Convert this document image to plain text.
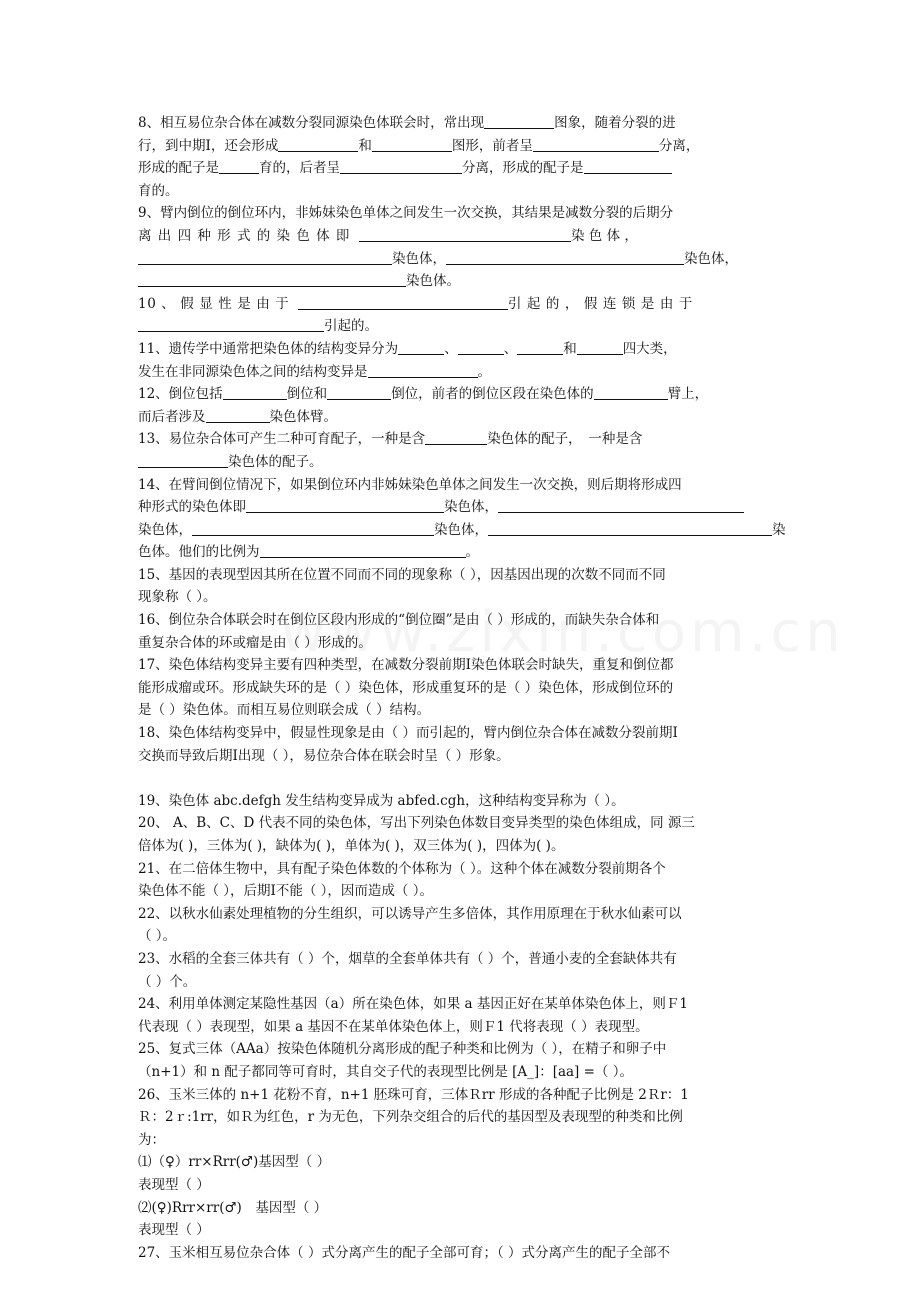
8、相互易位杂合体在减数分裂同源染色体联会时，常出现	图象，随着分裂的进
行，到中期Ⅰ，还会形成	和	图形，前者呈	分离，
形成的配子是	育的，后者呈	分离，形成的配子是
育的。
9、臂内倒位的倒位环内，非姊妹染色单体之间发生一次交换，其结果是减数分裂的后期分
离 出 四 种 形 式 的 染 色 体 即	染 色 体 ，
染色体，	染色体，
染色体。
10 、 假 显 性 是 由 于	引 起 的 ， 假 连 锁 是 由 于
引起的。
11、遗传学中通常把染色体的结构变异分为	、	、	和	四大类，
发生在非同源染色体之间的结构变异是	。
12、倒位包括	倒位和	倒位，前者的倒位区段在染色体的	臂上，
而后者涉及	染色体臂。
13、易位杂合体可产生二种可育配子，一种是含	染色体的配子，　一种是含
染色体的配子。
14、在臂间倒位情况下，如果倒位环内非姊妹染色单体之间发生一次交换，则后期将形成四
种形式的染色体即	染色体，
染色体，	染色体，	染
色体。他们的比例为	。
15、基因的表现型因其所在位置不同而不同的现象称（ ），因基因出现的次数不同而不同
现象称（ ）。
16、倒位杂合体联会时在倒位区段内形成的“倒位圈”是由（ ）形成的，而缺失杂合体和
重复杂合体的环或瘤是由（ ）形成的。
17、染色体结构变异主要有四种类型，在减数分裂前期Ⅰ染色体联会时缺失，重复和倒位都
能形成瘤或环。形成缺失环的是（ ）染色体，形成重复环的是（ ）染色体，形成倒位环的
是（ ）染色体。而相互易位则联会成（ ）结构。
18、染色体结构变异中，假显性现象是由（ ）而引起的，臂内倒位杂合体在减数分裂前期Ⅰ
交换而导致后期Ⅰ出现（ ），易位杂合体在联会时呈（ ）形象。
19、染色体 abc.defgh 发生结构变异成为 abfed.cgh，这种结构变异称为（ ）。
20、 A、B、C、D 代表不同的染色体，写出下列染色体数目变异类型的染色体组成，同 源三
倍体为( )，三体为( )，缺体为( )，单体为( )，双三体为( )，四体为( )。
21、在二倍体生物中，具有配子染色体数的个体称为（ ）。这种个体在减数分裂前期各个
染色体不能（ ），后期Ⅰ不能（ ），因而造成（ ）。
22、以秋水仙素处理植物的分生组织，可以诱导产生多倍体，其作用原理在于秋水仙素可以
（ ）。
23、水稻的全套三体共有（ ）个，烟草的全套单体共有（ ）个，普通小麦的全套缺体共有
（ ）个。
24、利用单体测定某隐性基因（a）所在染色体，如果 a 基因正好在某单体染色体上，则Ｆ1
代表现（ ）表现型，如果 a 基因不在某单体染色体上，则Ｆ1 代将表现（ ）表现型。
25、复式三体（AAa）按染色体随机分离形成的配子种类和比例为（ ），在精子和卵子中
（n+1）和 n 配子都同等可育时，其自交子代的表现型比例是 [A_]：[aa] =（ ）。
26、玉米三体的 n+1 花粉不育，n+1 胚珠可育，三体Ｒrr 形成的各种配子比例是 2Ｒr：1
Ｒ：2ｒ:1rr，如Ｒ为红色，r 为无色，下列杂交组合的后代的基因型及表现型的种类和比例
为：
⑴（♀）rr×Rrr(♂)基因型（ ）
表现型（ ）
⑵(♀)Rrr×rr(♂)　基因型（ ）
表现型（ ）
27、玉米相互易位杂合体（ ）式分离产生的配子全部可育；（ ）式分离产生的配子全部不
